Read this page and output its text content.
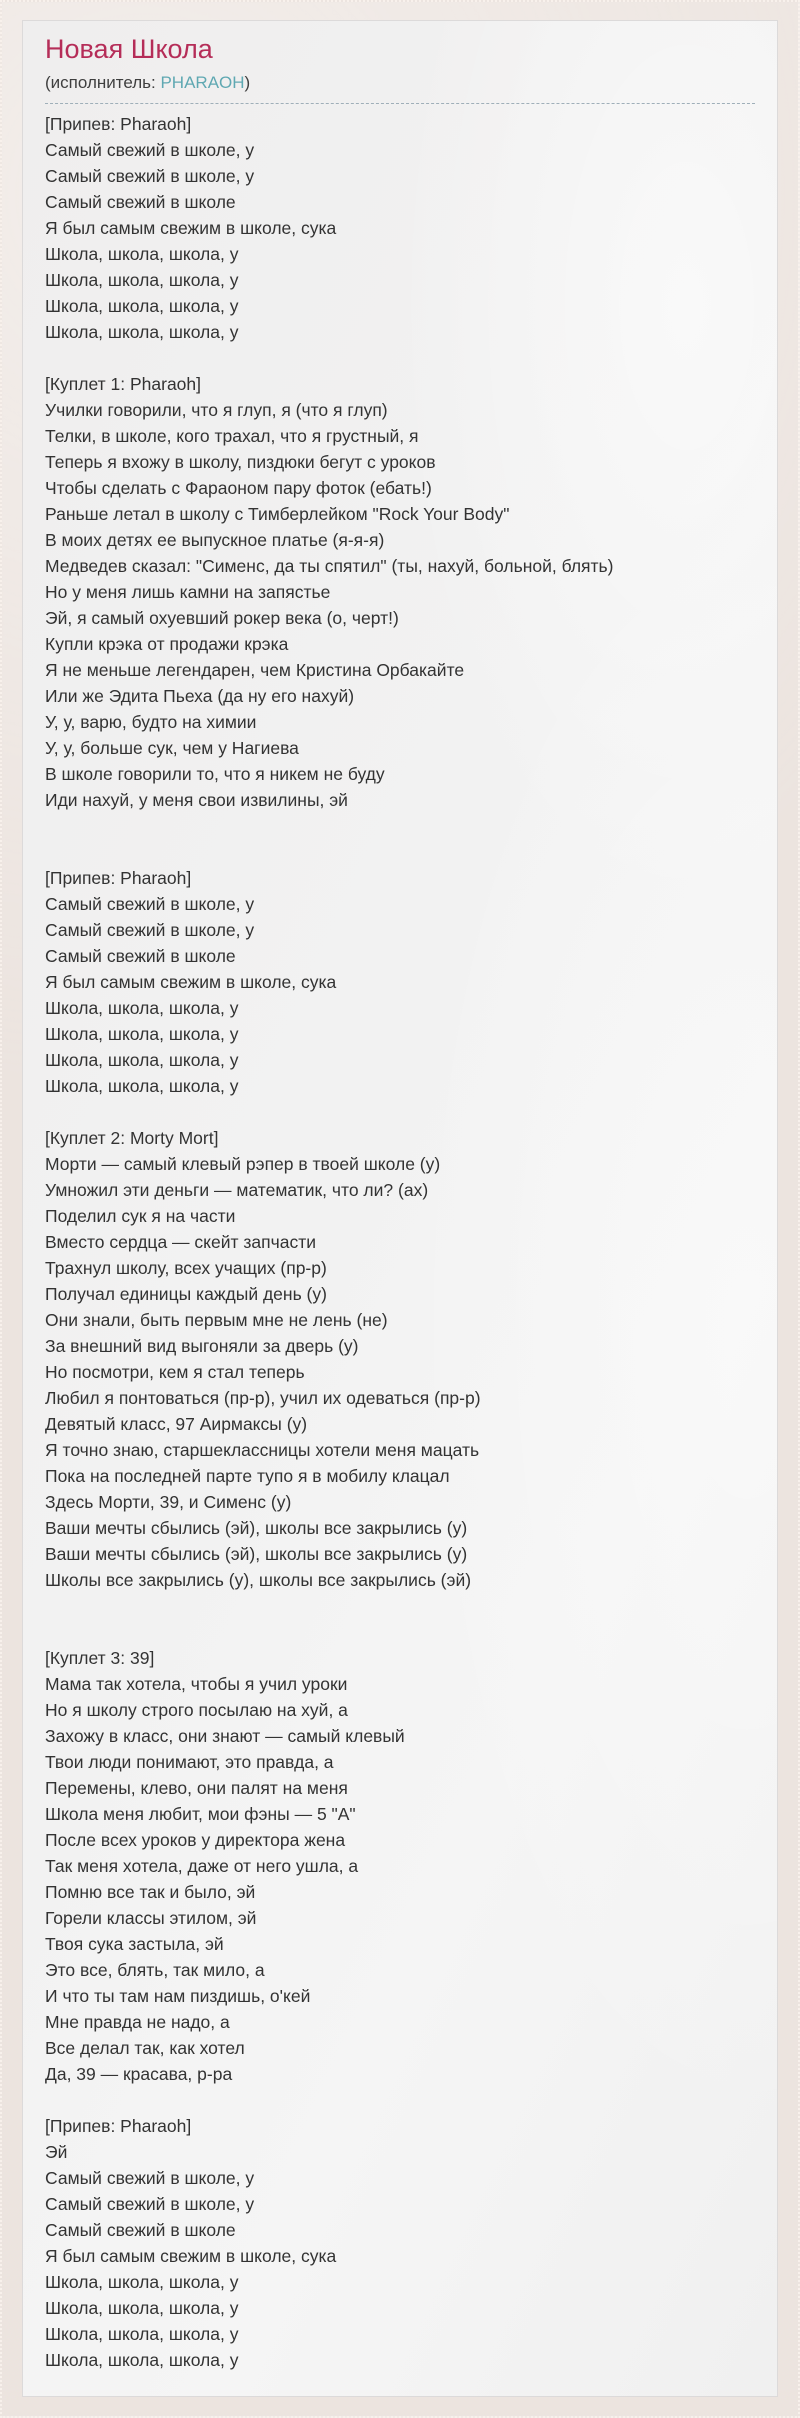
Новая Школа
(исполнитель: PHARAOH)

[Припев: Pharaoh]
Самый свежий в школе, у
Самый свежий в школе, у
Самый свежий в школе
Я был самым свежим в школе, сука
Школа, школа, школа, у
Школа, школа, школа, у
Школа, школа, школа, у
Школа, школа, школа, у

[Куплет 1: Pharaoh]
Училки говорили, что я глуп, я (что я глуп)
Телки, в школе, кого трахал, что я грустный, я
Теперь я вхожу в школу, пиздюки бегут с уроков
Чтобы сделать с Фараоном пару фоток (ебать!)
Раньше летал в школу с Тимберлейком "Rock Your Body"
В моих детях ее выпускное платье (я-я-я)
Медведев сказал: "Сименс, да ты спятил" (ты, нахуй, больной, блять)
Но у меня лишь камни на запястье
Эй, я самый охуевший рокер века (о, черт!)
Купли крэка от продажи крэка
Я не меньше легендарен, чем Кристина Орбакайте
Или же Эдита Пьеха (да ну его нахуй)
У, у, варю, будто на химии
У, у, больше сук, чем у Нагиева
В школе говорили то, что я никем не буду
Иди нахуй, у меня свои извилины, эй

[Припев: Pharaoh]
Самый свежий в школе, у
Самый свежий в школе, у
Самый свежий в школе
Я был самым свежим в школе, сука
Школа, школа, школа, у
Школа, школа, школа, у
Школа, школа, школа, у
Школа, школа, школа, у

[Куплет 2: Morty Mort]
Морти — самый клевый рэпер в твоей школе (у)
Умножил эти деньги — математик, что ли? (ах)
Поделил сук я на части
Вместо сердца — скейт запчасти
Трахнул школу, всех учащих (пр-р)
Получал единицы каждый день (у)
Они знали, быть первым мне не лень (не)
За внешний вид выгоняли за дверь (у)
Но посмотри, кем я стал теперь
Любил я понтоваться (пр-р), учил их одеваться (пр-р)
Девятый класс, 97 Аирмаксы (у)
Я точно знаю, старшеклассницы хотели меня мацать
Пока на последней парте тупо я в мобилу клацал
Здесь Морти, 39, и Сименс (у)
Ваши мечты сбылись (эй), школы все закрылись (у)
Ваши мечты сбылись (эй), школы все закрылись (у)
Школы все закрылись (у), школы все закрылись (эй)

[Куплет 3: 39]
Мама так хотела, чтобы я учил уроки
Но я школу строго посылаю на хуй, а
Захожу в класс, они знают — самый клевый
Твои люди понимают, это правда, а
Перемены, клево, они палят на меня
Школа меня любит, мои фэны — 5 "А"
После всех уроков у директора жена
Так меня хотела, даже от него ушла, а
Помню все так и было, эй
Горели классы этилом, эй
Твоя сука застыла, эй
Это все, блять, так мило, а
И что ты там нам пиздишь, о'кей
Мне правда не надо, а
Все делал так, как хотел
Да, 39 — красава, р-ра

[Припев: Pharaoh]
Эй
Самый свежий в школе, у
Самый свежий в школе, у
Самый свежий в школе
Я был самым свежим в школе, сука
Школа, школа, школа, у
Школа, школа, школа, у
Школа, школа, школа, у
Школа, школа, школа, у
